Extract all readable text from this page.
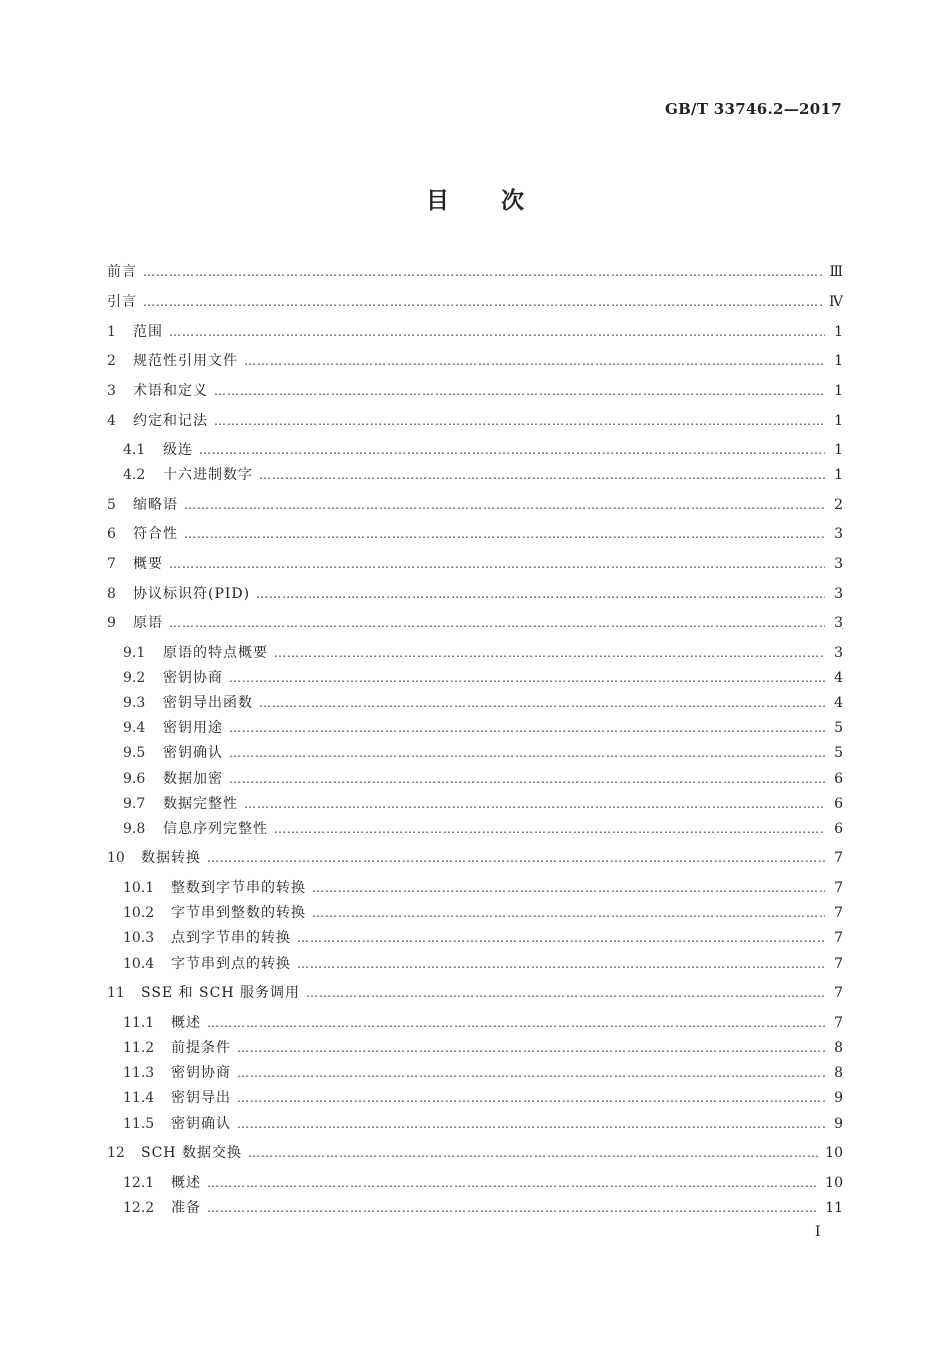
GB/T 33746.2—2017
目 次
前言 …………………………………………………………………………………………………………………………………………………………………………………………………………………………………………	Ⅲ
引言 …………………………………………………………………………………………………………………………………………………………………………………………………………………………………………	Ⅳ
1	范围 …………………………………………………………………………………………………………………………………………………………………………………………………………………………………………	1
2	规范性引用文件 …………………………………………………………………………………………………………………………………………………………………………………………………………………………………………	1
3	术语和定义 …………………………………………………………………………………………………………………………………………………………………………………………………………………………………………	1
4	约定和记法 …………………………………………………………………………………………………………………………………………………………………………………………………………………………………………	1
4.1	级连 …………………………………………………………………………………………………………………………………………………………………………………………………………………………………………	1
4.2	十六进制数字 …………………………………………………………………………………………………………………………………………………………………………………………………………………………………………	1
5	缩略语 …………………………………………………………………………………………………………………………………………………………………………………………………………………………………………	2
6	符合性 …………………………………………………………………………………………………………………………………………………………………………………………………………………………………………	3
7	概要 …………………………………………………………………………………………………………………………………………………………………………………………………………………………………………	3
8	协议标识符(PID) …………………………………………………………………………………………………………………………………………………………………………………………………………………………………………	3
9	原语 …………………………………………………………………………………………………………………………………………………………………………………………………………………………………………	3
9.1	原语的特点概要 …………………………………………………………………………………………………………………………………………………………………………………………………………………………………………	3
9.2	密钥协商 …………………………………………………………………………………………………………………………………………………………………………………………………………………………………………	4
9.3	密钥导出函数 …………………………………………………………………………………………………………………………………………………………………………………………………………………………………………	4
9.4	密钥用途 …………………………………………………………………………………………………………………………………………………………………………………………………………………………………………	5
9.5	密钥确认 …………………………………………………………………………………………………………………………………………………………………………………………………………………………………………	5
9.6	数据加密 …………………………………………………………………………………………………………………………………………………………………………………………………………………………………………	6
9.7	数据完整性 …………………………………………………………………………………………………………………………………………………………………………………………………………………………………………	6
9.8	信息序列完整性 …………………………………………………………………………………………………………………………………………………………………………………………………………………………………………	6
10	数据转换 …………………………………………………………………………………………………………………………………………………………………………………………………………………………………………	7
10.1	整数到字节串的转换 …………………………………………………………………………………………………………………………………………………………………………………………………………………………………………	7
10.2	字节串到整数的转换 …………………………………………………………………………………………………………………………………………………………………………………………………………………………………………	7
10.3	点到字节串的转换 …………………………………………………………………………………………………………………………………………………………………………………………………………………………………………	7
10.4	字节串到点的转换 …………………………………………………………………………………………………………………………………………………………………………………………………………………………………………	7
11	SSE 和 SCH 服务调用 …………………………………………………………………………………………………………………………………………………………………………………………………………………………………………	7
11.1	概述 …………………………………………………………………………………………………………………………………………………………………………………………………………………………………………	7
11.2	前提条件 …………………………………………………………………………………………………………………………………………………………………………………………………………………………………………	8
11.3	密钥协商 …………………………………………………………………………………………………………………………………………………………………………………………………………………………………………	8
11.4	密钥导出 …………………………………………………………………………………………………………………………………………………………………………………………………………………………………………	9
11.5	密钥确认 …………………………………………………………………………………………………………………………………………………………………………………………………………………………………………	9
12	SCH 数据交换 …………………………………………………………………………………………………………………………………………………………………………………………………………………………………………	10
12.1	概述 …………………………………………………………………………………………………………………………………………………………………………………………………………………………………………	10
12.2	准备 …………………………………………………………………………………………………………………………………………………………………………………………………………………………………………	11
I
